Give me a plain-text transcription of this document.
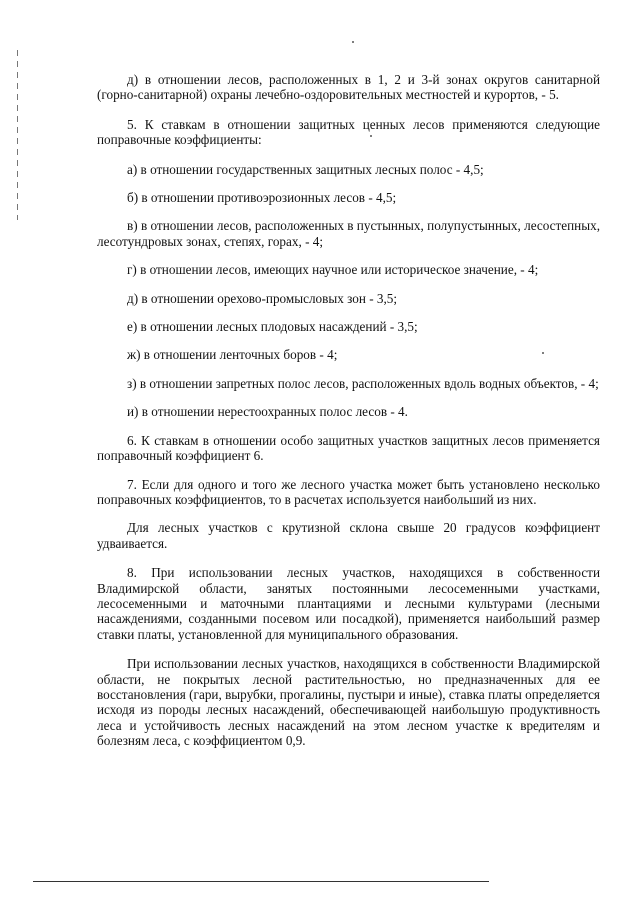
д) в отношении лесов, расположенных в 1, 2 и 3-й зонах округов санитарной (горно-санитарной) охраны лечебно-оздоровительных местностей и курортов, - 5.

5. К ставкам в отношении защитных ценных лесов применяются следующие поправочные коэффициенты:

а) в отношении государственных защитных лесных полос - 4,5;

б) в отношении противоэрозионных лесов - 4,5;

в) в отношении лесов, расположенных в пустынных, полупустынных, лесостепных, лесотундровых зонах, степях, горах, - 4;

г) в отношении лесов, имеющих научное или историческое значение, - 4;

д) в отношении орехово-промысловых зон - 3,5;

е) в отношении лесных плодовых насаждений - 3,5;

ж) в отношении ленточных боров - 4;

з) в отношении запретных полос лесов, расположенных вдоль водных объектов, - 4;

и) в отношении нерестоохранных полос лесов - 4.

6. К ставкам в отношении особо защитных участков защитных лесов применяется поправочный коэффициент 6.

7. Если для одного и того же лесного участка может быть установлено несколько поправочных коэффициентов, то в расчетах используется наибольший из них.

Для лесных участков с крутизной склона свыше 20 градусов коэффициент удваивается.

8. При использовании лесных участков, находящихся в собственности Владимирской области, занятых постоянными лесосеменными участками, лесосеменными и маточными плантациями и лесными культурами (лесными насаждениями, созданными посевом или посадкой), применяется наибольший размер ставки платы, установленной для муниципального образования.

При использовании лесных участков, находящихся в собственности Владимирской области, не покрытых лесной растительностью, но предназначенных для ее восстановления (гари, вырубки, прогалины, пустыри и иные), ставка платы определяется исходя из породы лесных насаждений, обеспечивающей наибольшую продуктивность леса и устойчивость лесных насаждений на этом лесном участке к вредителям и болезням леса, с коэффициентом 0,9.
